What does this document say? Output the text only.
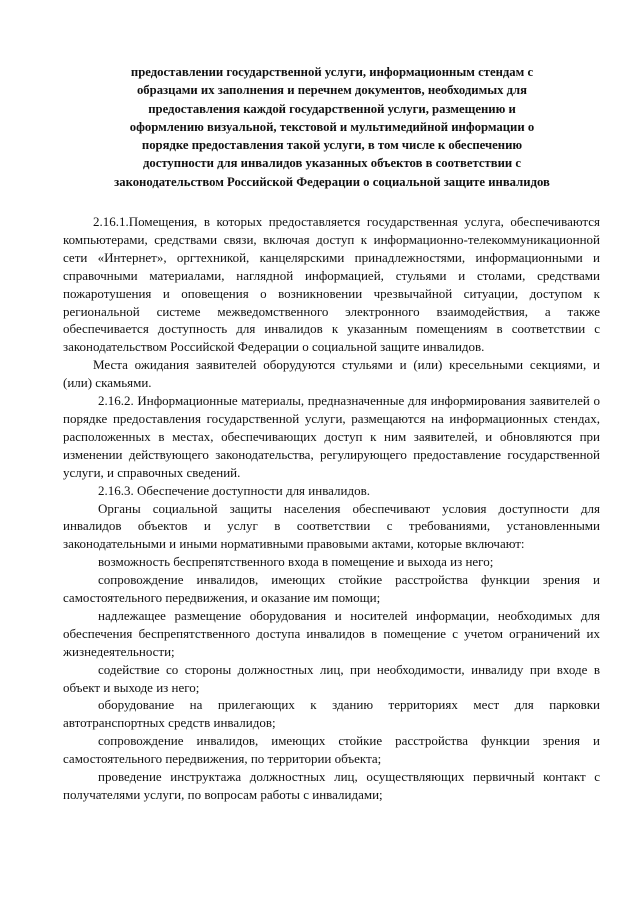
предоставлении государственной услуги, информационным стендам с
образцами их заполнения и перечнем документов, необходимых для
предоставления каждой государственной услуги, размещению и
оформлению визуальной, текстовой и мультимедийной информации о
порядке предоставления такой услуги, в том числе к обеспечению
доступности для инвалидов указанных объектов в соответствии с
законодательством Российской Федерации о социальной защите инвалидов

2.16.1.Помещения, в которых предоставляется государственная услуга, обеспечиваются компьютерами, средствами связи, включая доступ к информационно-телекоммуникационной сети «Интернет», оргтехникой, канцелярскими принадлежностями, информационными и справочными материалами, наглядной информацией, стульями и столами, средствами пожаротушения и оповещения о возникновении чрезвычайной ситуации, доступом к региональной системе межведомственного электронного взаимодействия, а также обеспечивается доступность для инвалидов к указанным помещениям в соответствии с законодательством Российской Федерации о социальной защите инвалидов.

Места ожидания заявителей оборудуются стульями и (или) кресельными секциями, и (или) скамьями.

2.16.2. Информационные материалы, предназначенные для информирования заявителей о порядке предоставления государственной услуги, размещаются на информационных стендах, расположенных в местах, обеспечивающих доступ к ним заявителей, и обновляются при изменении действующего законодательства, регулирующего предоставление государственной услуги, и справочных сведений.

2.16.3. Обеспечение доступности для инвалидов.

Органы социальной защиты населения обеспечивают условия доступности для инвалидов объектов и услуг в соответствии с требованиями, установленными законодательными и иными нормативными правовыми актами, которые включают:

возможность беспрепятственного входа в помещение и выхода из него;

сопровождение инвалидов, имеющих стойкие расстройства функции зрения и самостоятельного передвижения, и оказание им помощи;

надлежащее размещение оборудования и носителей информации, необходимых для обеспечения беспрепятственного доступа инвалидов в помещение с учетом ограничений их жизнедеятельности;

содействие со стороны должностных лиц, при необходимости, инвалиду при входе в объект и выходе из него;

оборудование на прилегающих к зданию территориях мест для парковки автотранспортных средств инвалидов;

сопровождение инвалидов, имеющих стойкие расстройства функции зрения и самостоятельного передвижения, по территории объекта;

проведение инструктажа должностных лиц, осуществляющих первичный контакт с получателями услуги, по вопросам работы с инвалидами;
